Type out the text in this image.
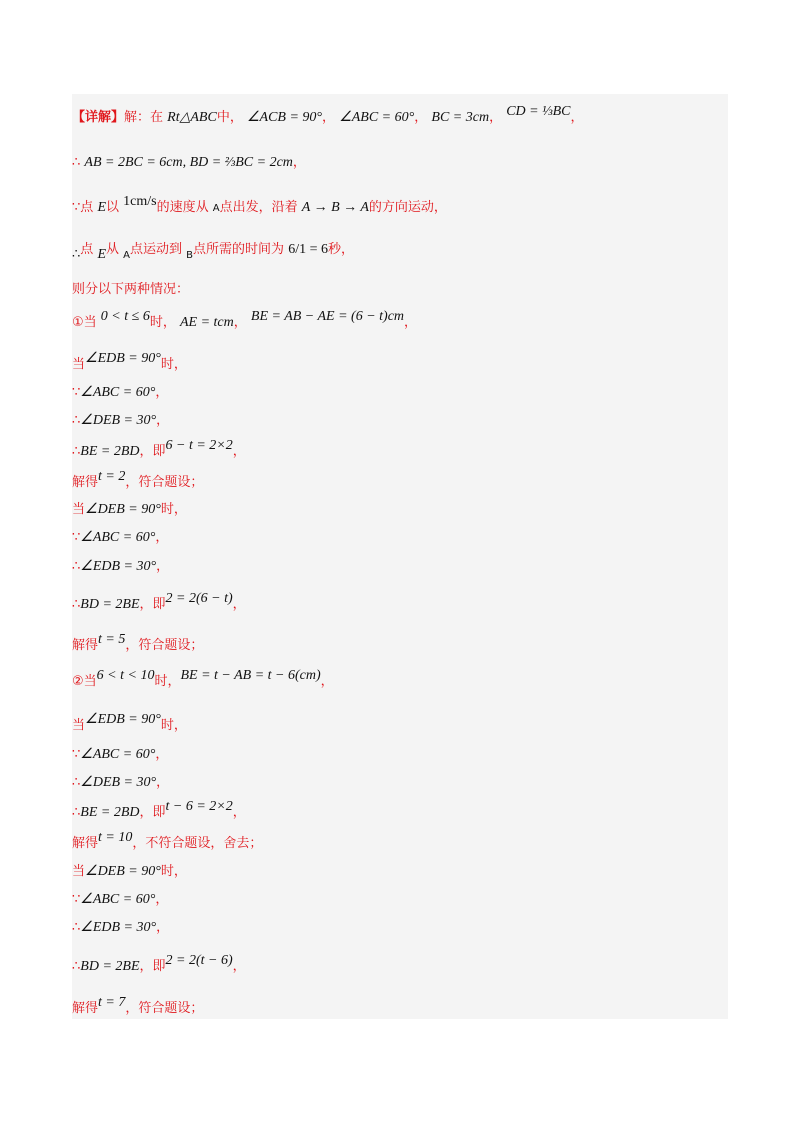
【详解】解：在 Rt△ABC中， ∠ACB = 90°， ∠ABC = 60°， BC = 3cm， CD = ⅓BC，
∴ AB = 2BC = 6cm, BD = ⅔BC = 2cm，
∵点 E以 1cm/s的速度从 A点出发，沿着 A → B → A的方向运动，
∴点 E从 $_A$点运动到 $_B$点所需的时间为 6/1 = 6秒，
则分以下两种情况：
①当 0 < t ≤ 6时， AE = tcm， BE = AB − AE = (6 − t)cm，
当∠EDB = 90°时，
∵∠ABC = 60°，
∴∠DEB = 30°，
∴BE = 2BD，即6 − t = 2×2，
解得t = 2，符合题设；
当∠DEB = 90°时，
∵∠ABC = 60°，
∴∠EDB = 30°，
∴BD = 2BE，即2 = 2(6 − t)，
解得t = 5，符合题设；
②当6 < t < 10时，BE = t − AB = t − 6(cm)，
当∠EDB = 90°时，
∵∠ABC = 60°，
∴∠DEB = 30°，
∴BE = 2BD，即t − 6 = 2×2，
解得t = 10，不符合题设，舍去；
当∠DEB = 90°时，
∵∠ABC = 60°，
∴∠EDB = 30°，
∴BD = 2BE，即2 = 2(t − 6)，
解得t = 7，符合题设；
